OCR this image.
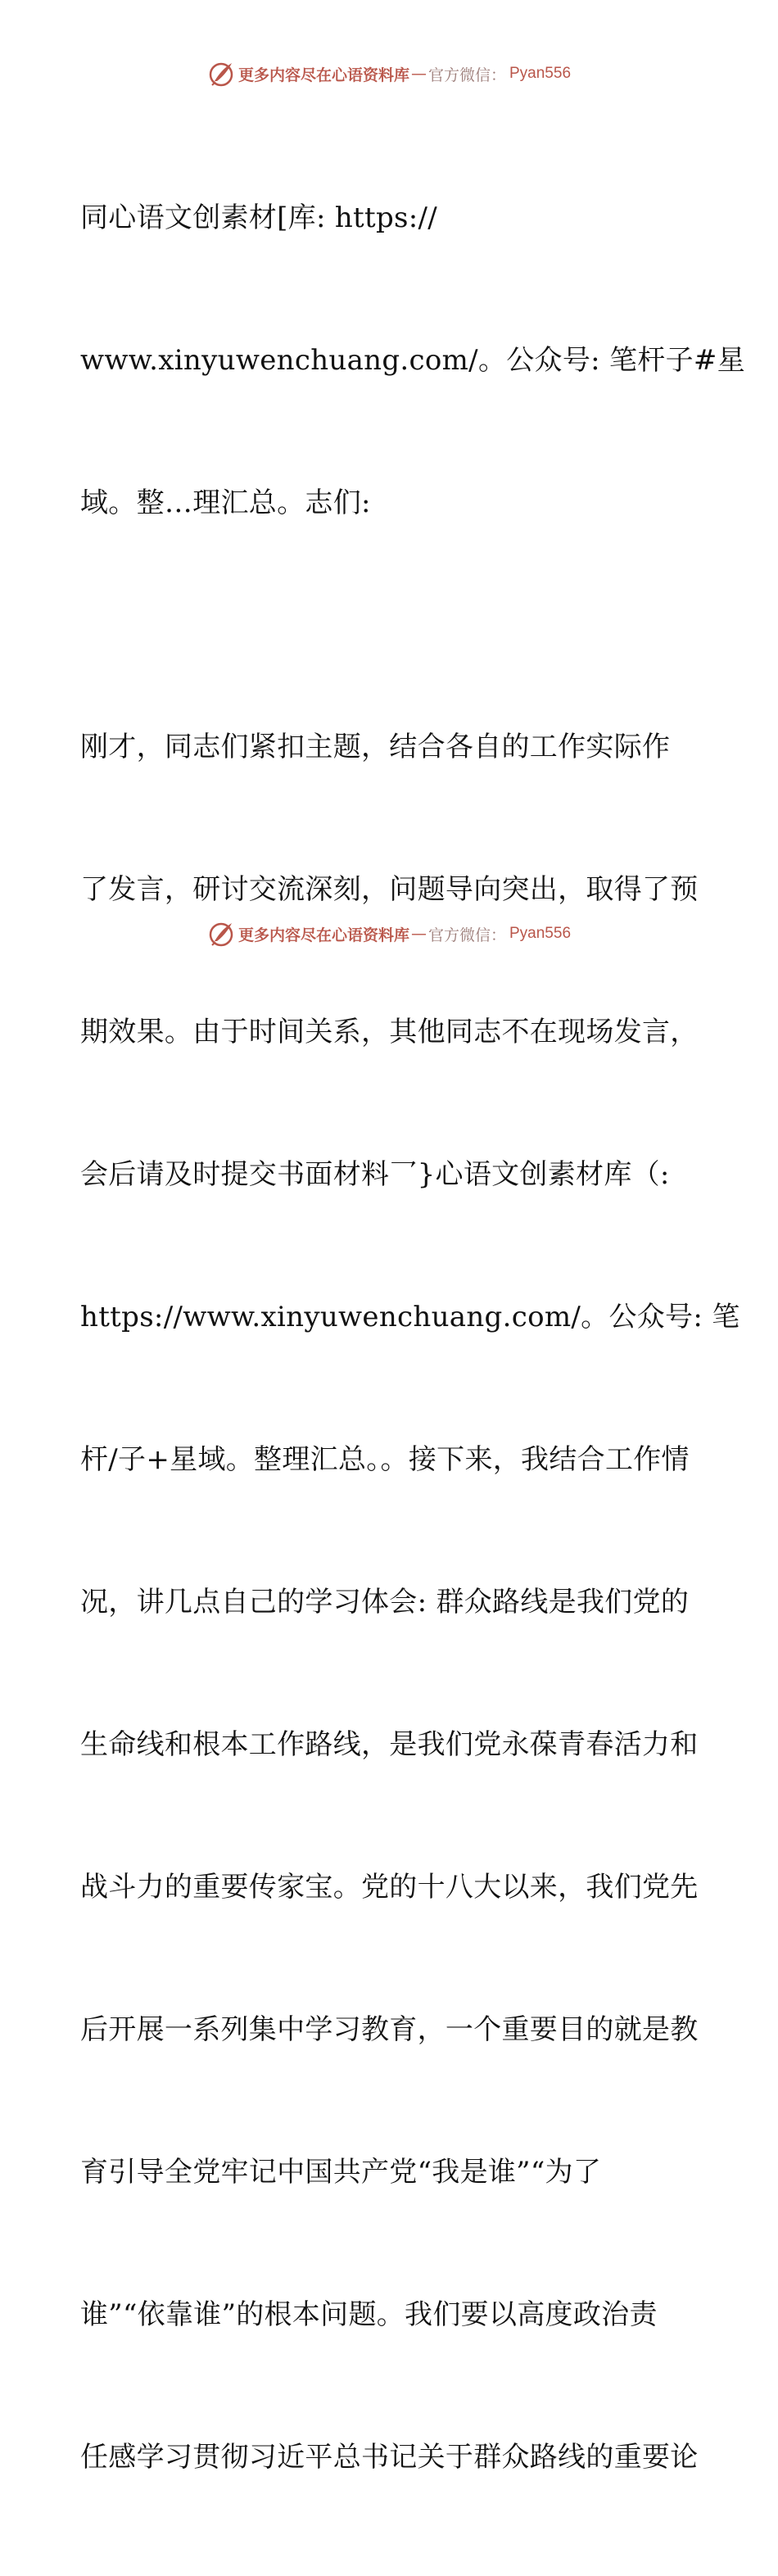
更多内容尽在心语资料库 — 官方微信： Pyan556

同心语文创素材[库: https://

www.xinyuwenchuang.com/。公众号: 笔杆子#星

域。整…理汇总。志们:

刚才，同志们紧扣主题，结合各自的工作实际作

了发言，研讨交流深刻，问题导向突出，取得了预

期效果。由于时间关系，其他同志不在现场发言，

会后请及时提交书面材料乛}心语文创素材库（:

https://www.xinyuwenchuang.com/。公众号: 笔

杆/子+星域。整理汇总。。接下来，我结合工作情

况，讲几点自己的学习体会: 群众路线是我们党的

生命线和根本工作路线，是我们党永葆青春活力和

战斗力的重要传家宝。党的十八大以来，我们党先

后开展一系列集中学习教育，一个重要目的就是教

育引导全党牢记中国共产党“我是谁”“为了

谁”“依靠谁”的根本问题。我们要以高度政治责

任感学习贯彻习近平总书记关于群众路线的重要论

更多内容尽在心语资料库 — 官方微信： Pyan556
